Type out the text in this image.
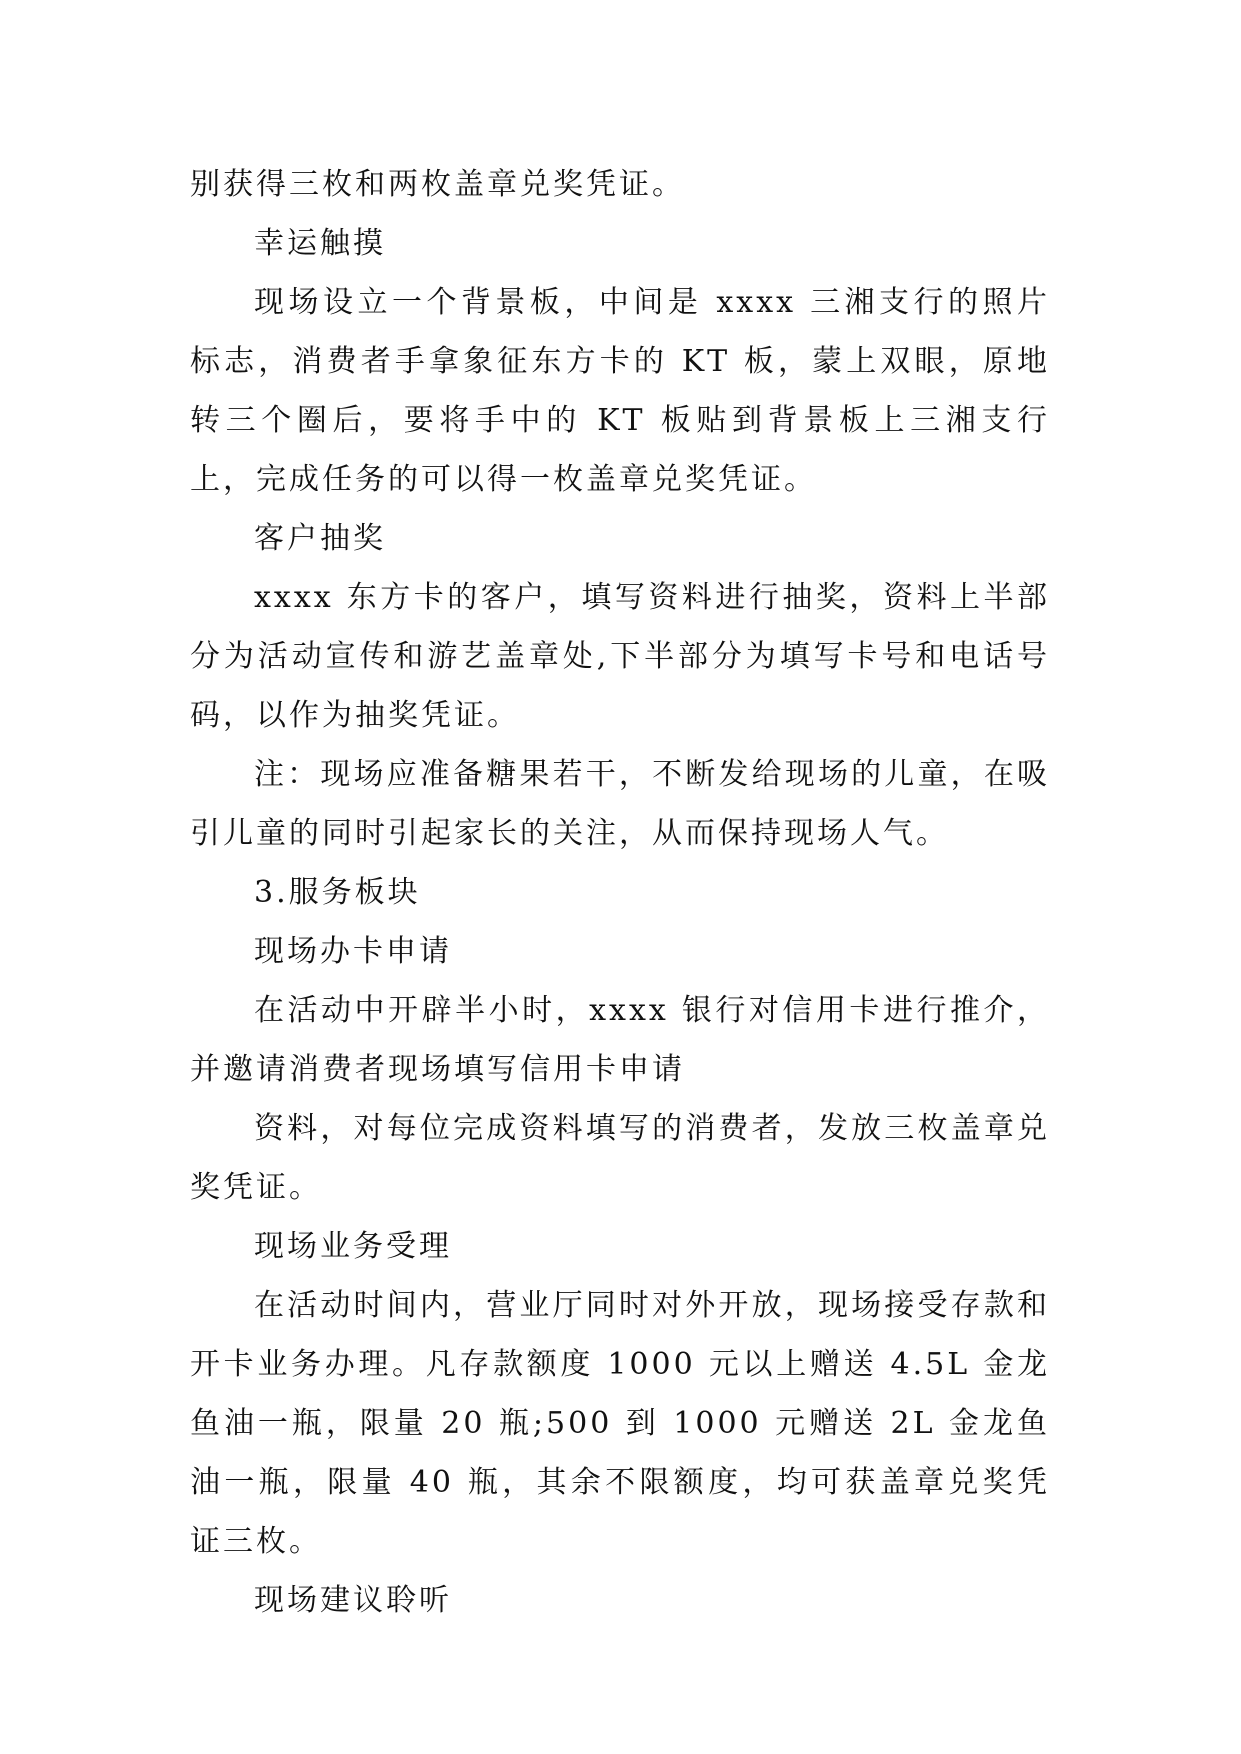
别获得三枚和两枚盖章兑奖凭证。

幸运触摸

现场设立一个背景板，中间是 xxxx 三湘支行的照片标志，消费者手拿象征东方卡的 KT 板，蒙上双眼，原地转三个圈后，要将手中的 KT 板贴到背景板上三湘支行上，完成任务的可以得一枚盖章兑奖凭证。

客户抽奖

xxxx 东方卡的客户，填写资料进行抽奖，资料上半部分为活动宣传和游艺盖章处,下半部分为填写卡号和电话号码，以作为抽奖凭证。

注：现场应准备糖果若干，不断发给现场的儿童，在吸引儿童的同时引起家长的关注，从而保持现场人气。

3.服务板块

现场办卡申请

在活动中开辟半小时，xxxx 银行对信用卡进行推介，并邀请消费者现场填写信用卡申请

资料，对每位完成资料填写的消费者，发放三枚盖章兑奖凭证。

现场业务受理

在活动时间内，营业厅同时对外开放，现场接受存款和开卡业务办理。凡存款额度 1000 元以上赠送 4.5L 金龙鱼油一瓶，限量 20 瓶;500 到 1000 元赠送 2L 金龙鱼油一瓶，限量 40 瓶，其余不限额度，均可获盖章兑奖凭证三枚。

现场建议聆听
